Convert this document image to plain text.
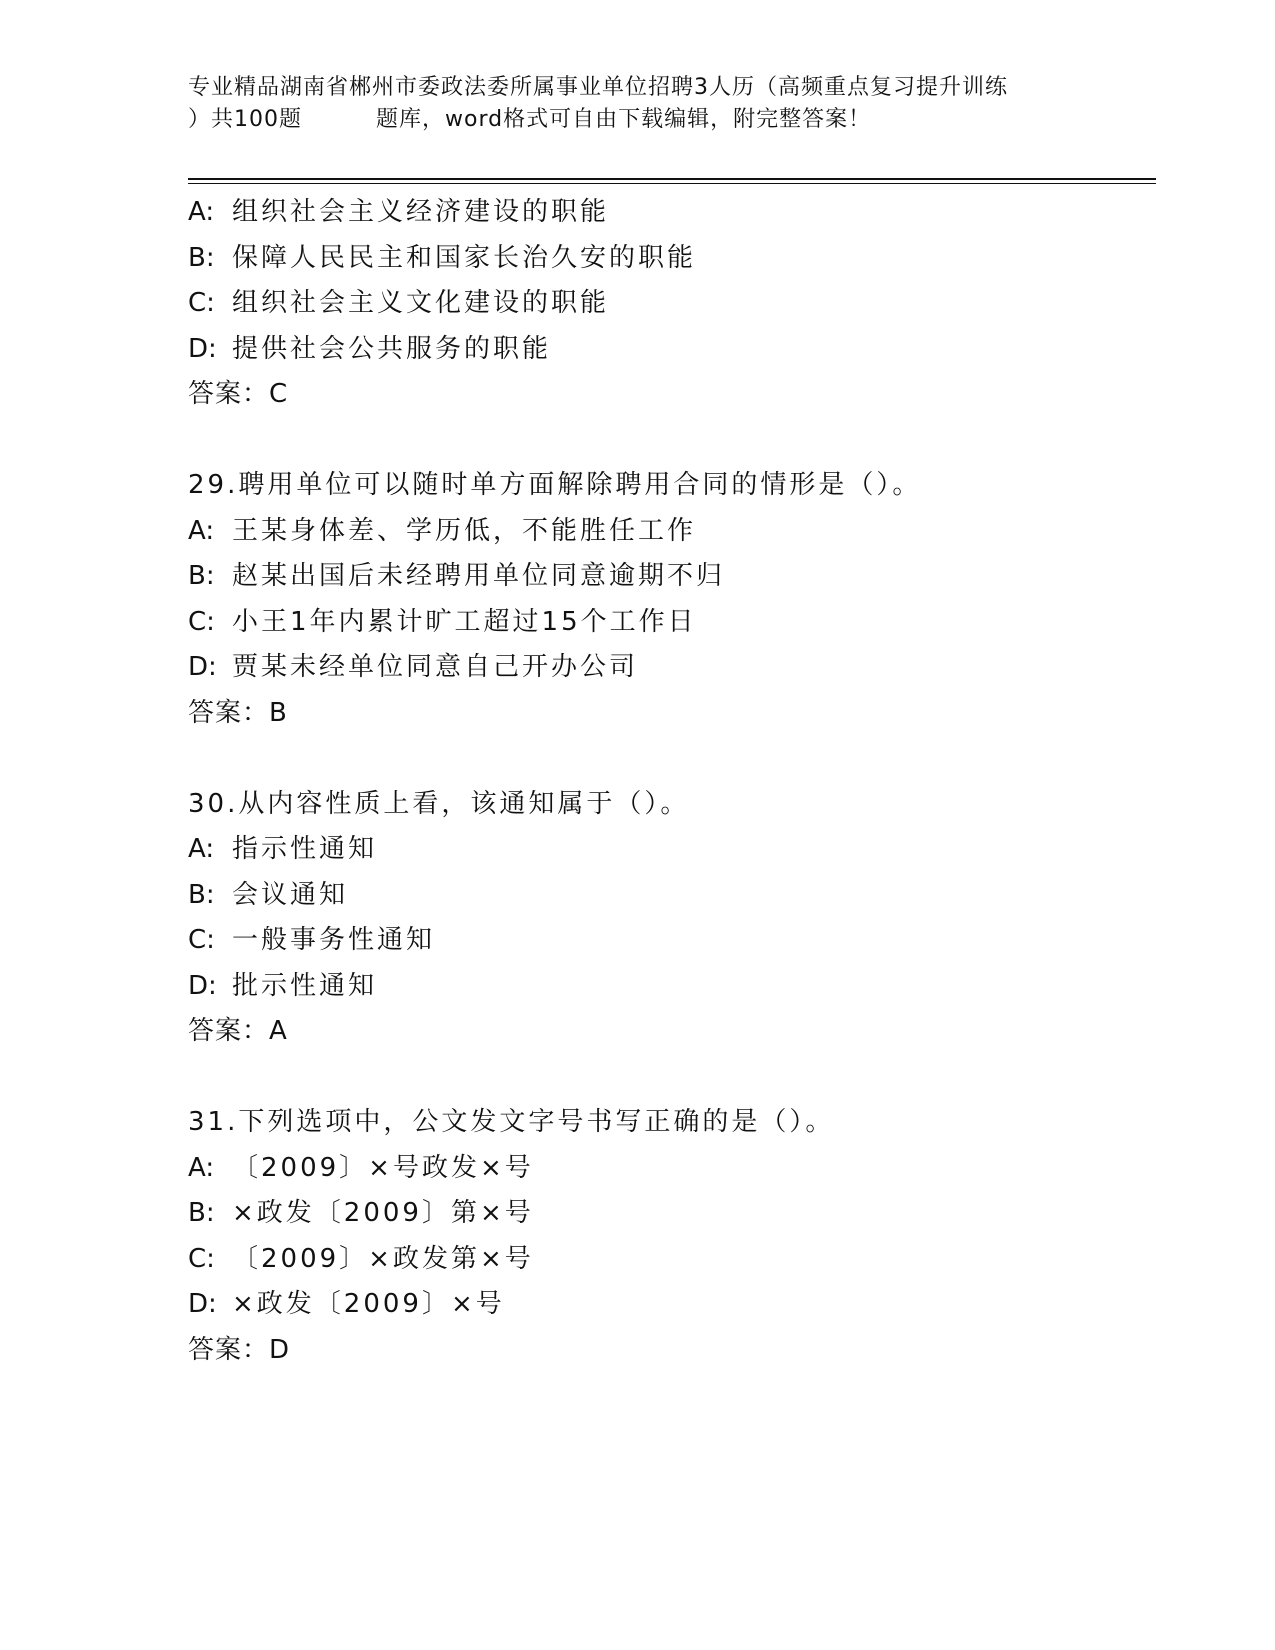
专业精品湖南省郴州市委政法委所属事业单位招聘3人历（高频重点复习提升训练
）共100题	题库，word格式可自由下载编辑，附完整答案！
A: 组织社会主义经济建设的职能
B: 保障人民民主和国家长治久安的职能
C: 组织社会主义文化建设的职能
D: 提供社会公共服务的职能
答案：C
29.聘用单位可以随时单方面解除聘用合同的情形是（）。
A: 王某身体差、学历低，不能胜任工作
B: 赵某出国后未经聘用单位同意逾期不归
C: 小王1年内累计旷工超过15个工作日
D: 贾某未经单位同意自己开办公司
答案：B
30.从内容性质上看，该通知属于（）。
A: 指示性通知
B: 会议通知
C: 一般事务性通知
D: 批示性通知
答案：A
31.下列选项中，公文发文字号书写正确的是（）。
A: 〔2009〕×号政发×号
B: ×政发〔2009〕第×号
C: 〔2009〕×政发第×号
D: ×政发〔2009〕×号
答案：D
